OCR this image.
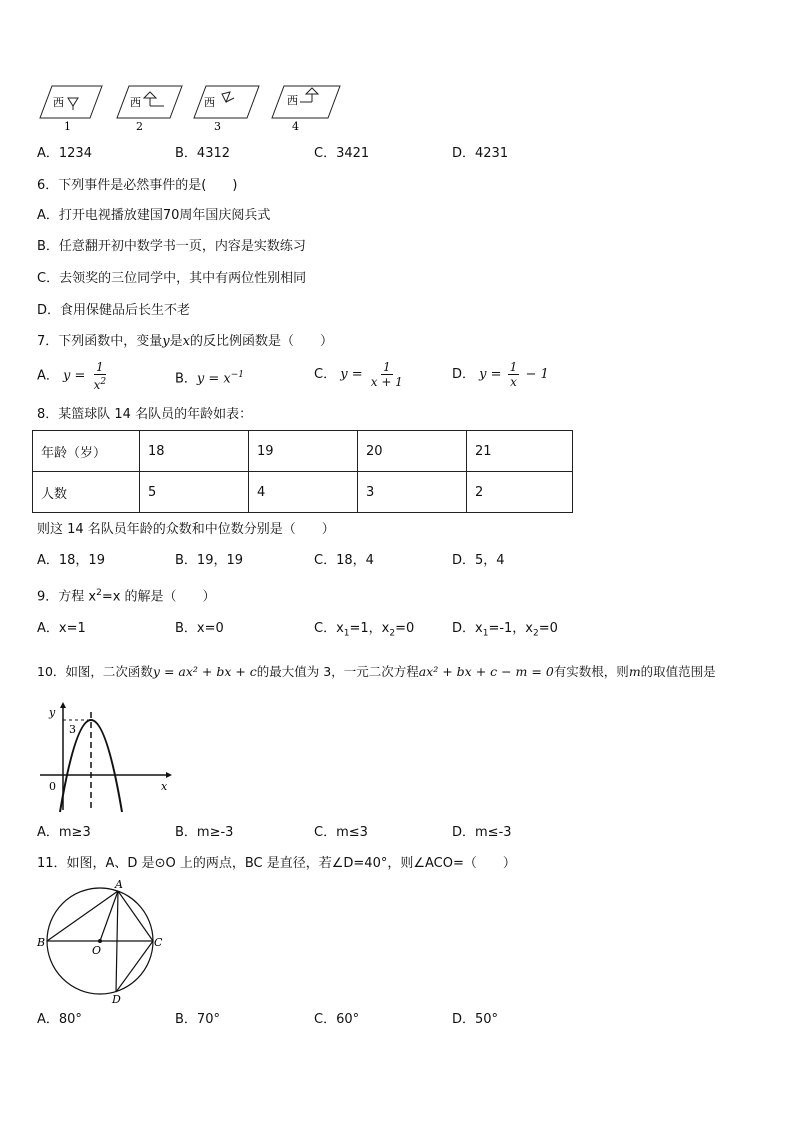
西
1
西
2
西
3
西
4
A．1234	B．4312	C．3421	D．4231
6．下列事件是必然事件的是(　　)
A．打开电视播放建国70周年国庆阅兵式
B．任意翻开初中数学书一页，内容是实数练习
C．去领奖的三位同学中，其中有两位性别相同
D．食用保健品后长生不老
7．下列函数中，变量y是x的反比例函数是（　　）
A． $y = \frac{1}{x^2}$	B．$y = x^{-1}$	C． $y = \frac{1}{x + 1}$	D． $y = \frac{1}{x} - 1$
8．某篮球队 14 名队员的年龄如表：
年龄（岁）	18	19	20	21
人数	5	4	3	2
则这 14 名队员年龄的众数和中位数分别是（　　）
A．18，19	B．19，19	C．18，4	D．5，4
9．方程 $x^2=x$ 的解是（　　）
A．x=1	B．x=0	C．$x_1=1$，$x_2=0$	D．$x_1=-1$，$x_2=0$
10．如图，二次函数y = ax² + bx + c的最大值为 3，一元二次方程ax² + bx + c − m = 0有实数根，则m的取值范围是
y
x
0
3
A．m≥3	B．m≥-3	C．m≤3	D．m≤-3
11．如图，A、D 是⊙O 上的两点，BC 是直径，若∠D=40°，则∠ACO=（　　）
A
B	C
D
O
A．80°	B．70°	C．60°	D．50°
